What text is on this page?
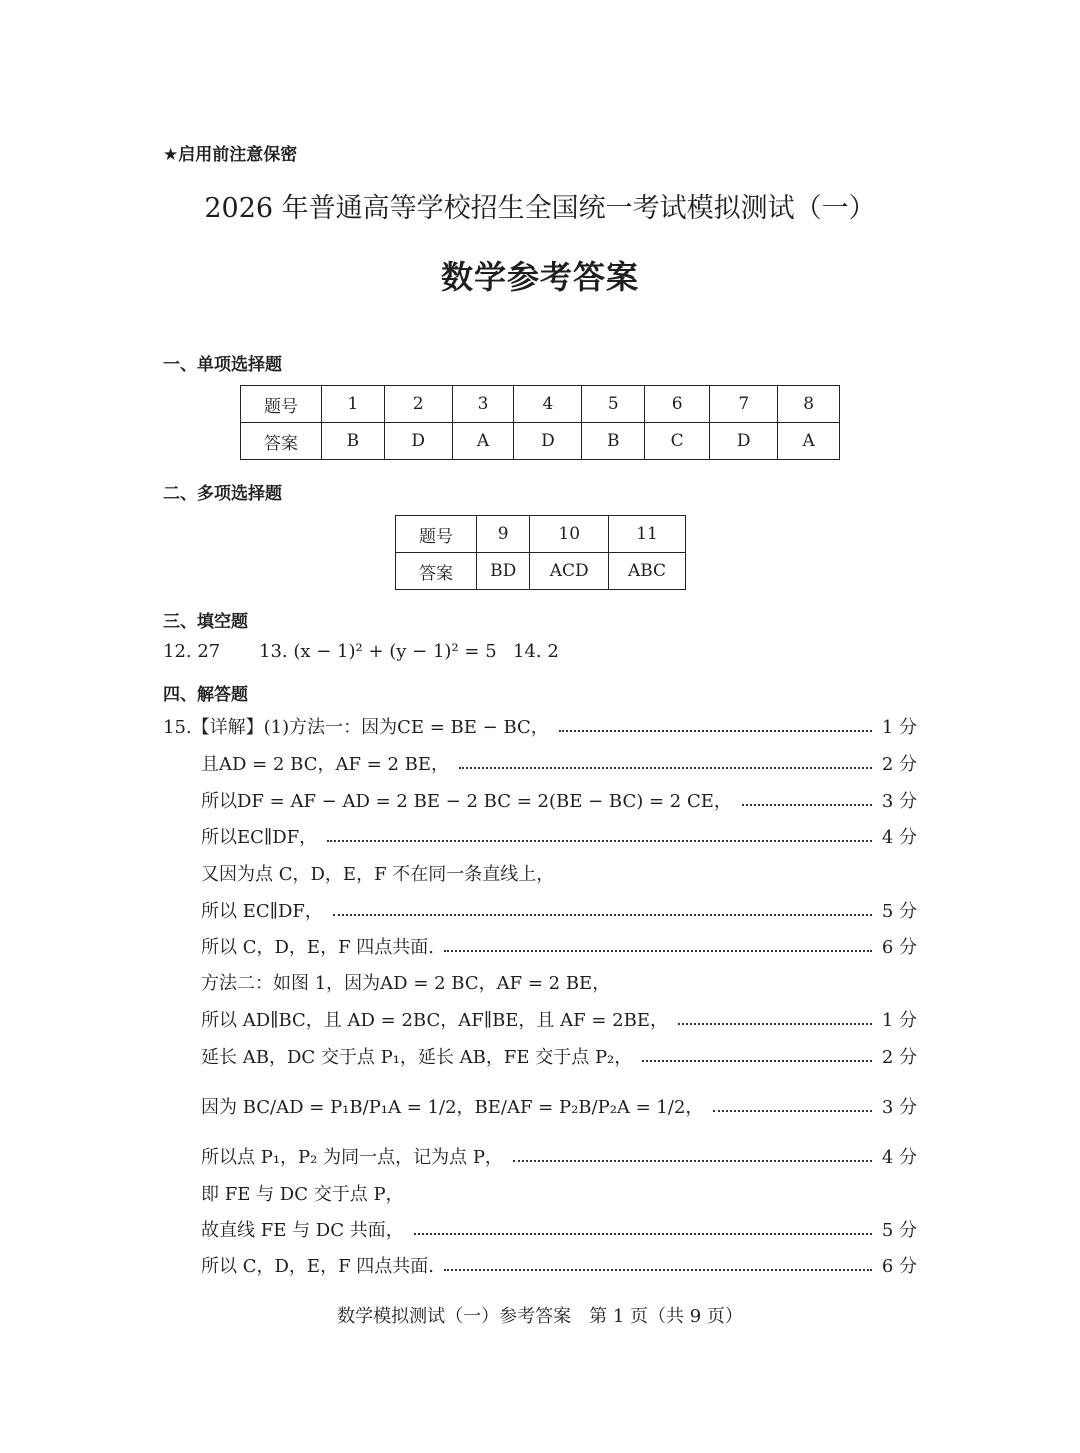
★启用前注意保密
2026 年普通高等学校招生全国统一考试模拟测试（一）
数学参考答案
一、单项选择题
题号	1	2	3	4	5	6	7	8
答案	B	D	A	D	B	C	D	A
二、多项选择题
题号	9	10	11
答案	BD	ACD	ABC
三、填空题
12. 27 13. (x − 1)² + (y − 1)² = 5 14. 2
四、解答题
15.【详解】(1)方法一：因为CE = BE − BC，	1 分
且AD = 2 BC，AF = 2 BE，	2 分
所以DF = AF − AD = 2 BE − 2 BC = 2(BE − BC) = 2 CE，	3 分
所以EC∥DF，	4 分
又因为点 C，D，E，F 不在同一条直线上，
所以 EC∥DF，	5 分
所以 C，D，E，F 四点共面.	6 分
方法二：如图 1，因为AD = 2 BC，AF = 2 BE，
所以 AD∥BC，且 AD = 2BC，AF∥BE，且 AF = 2BE，	1 分
延长 AB，DC 交于点 P₁，延长 AB，FE 交于点 P₂，	2 分
因为 BC/AD = P₁B/P₁A = 1/2，BE/AF = P₂B/P₂A = 1/2，	3 分
所以点 P₁，P₂ 为同一点，记为点 P，	4 分
即 FE 与 DC 交于点 P，
故直线 FE 与 DC 共面，	5 分
所以 C，D，E，F 四点共面.	6 分
数学模拟测试（一）参考答案　第 1 页（共 9 页）
